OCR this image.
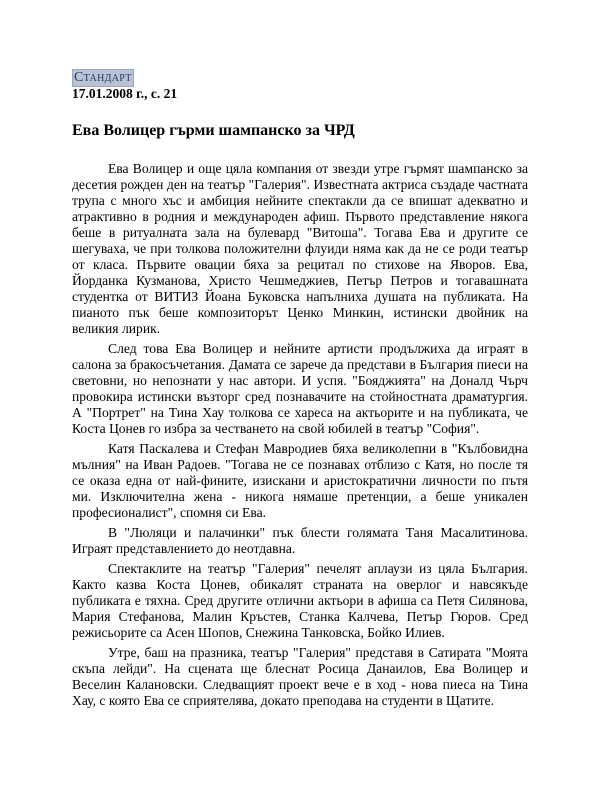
Стандарт
17.01.2008 г., с. 21
Ева Волицер гърми шампанско за ЧРД

Ева Волицер и още цяла компания от звезди утре гърмят шампанско за десетия рожден ден на театър "Галерия". Известната актриса създаде частната трупа с много хъс и амбиция нейните спектакли да се впишат адекватно и атрактивно в родния и международен афиш. Първото представление някога беше в ритуалната зала на булевард "Витоша". Тогава Ева и другите се шегуваха, че при толкова положителни флуиди няма как да не се роди театър от класа. Първите овации бяха за рецитал по стихове на Яворов. Ева, Йорданка Кузманова, Христо Чешмеджиев, Петър Петров и тогавашната студентка от ВИТИЗ Йоана Буковска напълниха душата на публиката. На пианото пък беше композиторът Ценко Минкин, истински двойник на великия лирик.

След това Ева Волицер и нейните артисти продължиха да играят в салона за бракосъчетания. Дамата се зарече да представи в България пиеси на световни, но непознати у нас автори. И успя. "Бояджията" на Доналд Чърч провокира истински възторг сред познавачите на стойностната драматургия. А "Портрет" на Тина Хау толкова се хареса на актьорите и на публиката, че Коста Цонев го избра за честването на свой юбилей в театър "София".

Катя Паскалева и Стефан Мавродиев бяха великолепни в "Кълбовидна мълния" на Иван Радоев. "Тогава не се познавах отблизо с Катя, но после тя се оказа една от най-фините, изискани и аристократични личности по пътя ми. Изключителна жена - никога нямаше претенции, а беше уникален професионалист", спомня си Ева.

В "Люляци и палачинки" пък блести голямата Таня Масалитинова. Играят представлението до неотдавна.

Спектаклите на театър "Галерия" печелят аплаузи из цяла България. Както казва Коста Цонев, обикалят страната на оверлог и навсякъде публиката е тяхна. Сред другите отлични актьори в афиша са Петя Силянова, Мария Стефанова, Малин Кръстев, Станка Калчева, Петър Гюров. Сред режисьорите са Асен Шопов, Снежина Танковска, Бойко Илиев.

Утре, баш на празника, театър "Галерия" представя в Сатирата "Моята скъпа лейди". На сцената ще блеснат Росица Данаилов, Ева Волицер и Веселин Калановски. Следващият проект вече е в ход - нова пиеса на Тина Хау, с която Ева се сприятелява, докато преподава на студенти в Щатите.
